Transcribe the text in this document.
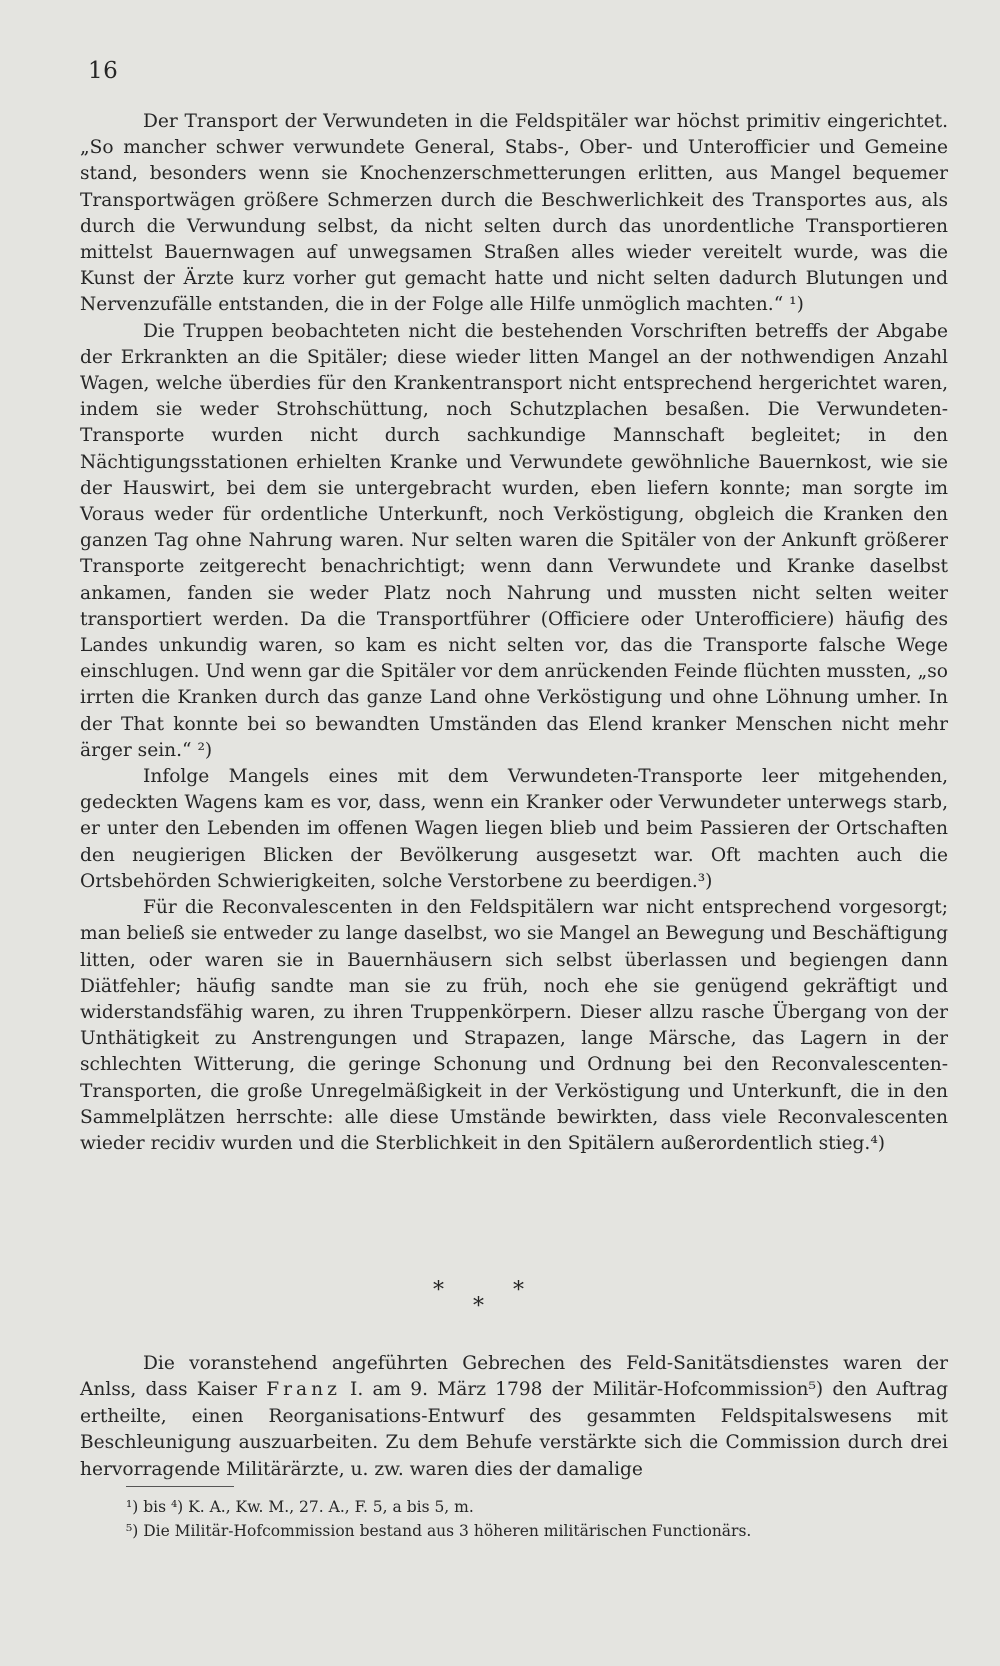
16

Der Transport der Verwundeten in die Feldspitäler war höchst primitiv eingerichtet. „So mancher schwer verwundete General, Stabs-, Ober- und Unterofficier und Gemeine stand, besonders wenn sie Knochenzerschmetterungen erlitten, aus Mangel bequemer Transportwägen größere Schmerzen durch die Beschwerlichkeit des Transportes aus, als durch die Verwundung selbst, da nicht selten durch das unordentliche Transportieren mittelst Bauernwagen auf unwegsamen Straßen alles wieder vereitelt wurde, was die Kunst der Ärzte kurz vorher gut gemacht hatte und nicht selten dadurch Blutungen und Nervenzufälle entstanden, die in der Folge alle Hilfe unmöglich machten.“ ¹)

Die Truppen beobachteten nicht die bestehenden Vorschriften betreffs der Abgabe der Erkrankten an die Spitäler; diese wieder litten Mangel an der nothwendigen Anzahl Wagen, welche überdies für den Krankentransport nicht entsprechend hergerichtet waren, indem sie weder Strohschüttung, noch Schutzplachen besaßen. Die Verwundeten-Transporte wurden nicht durch sachkundige Mannschaft begleitet; in den Nächtigungsstationen erhielten Kranke und Verwundete gewöhnliche Bauernkost, wie sie der Hauswirt, bei dem sie untergebracht wurden, eben liefern konnte; man sorgte im Voraus weder für ordentliche Unterkunft, noch Verköstigung, obgleich die Kranken den ganzen Tag ohne Nahrung waren. Nur selten waren die Spitäler von der Ankunft größerer Transporte zeitgerecht benachrichtigt; wenn dann Verwundete und Kranke daselbst ankamen, fanden sie weder Platz noch Nahrung und mussten nicht selten weiter transportiert werden. Da die Transportführer (Officiere oder Unterofficiere) häufig des Landes unkundig waren, so kam es nicht selten vor, das die Transporte falsche Wege einschlugen. Und wenn gar die Spitäler vor dem anrückenden Feinde flüchten mussten, „so irrten die Kranken durch das ganze Land ohne Verköstigung und ohne Löhnung umher. In der That konnte bei so bewandten Umständen das Elend kranker Menschen nicht mehr ärger sein.“ ²)

Infolge Mangels eines mit dem Verwundeten-Transporte leer mitgehenden, gedeckten Wagens kam es vor, dass, wenn ein Kranker oder Verwundeter unterwegs starb, er unter den Lebenden im offenen Wagen liegen blieb und beim Passieren der Ortschaften den neugierigen Blicken der Bevölkerung ausgesetzt war. Oft machten auch die Ortsbehörden Schwierigkeiten, solche Verstorbene zu beerdigen.³)

Für die Reconvalescenten in den Feldspitälern war nicht entsprechend vorgesorgt; man beließ sie entweder zu lange daselbst, wo sie Mangel an Bewegung und Beschäftigung litten, oder waren sie in Bauernhäusern sich selbst überlassen und begiengen dann Diätfehler; häufig sandte man sie zu früh, noch ehe sie genügend gekräftigt und widerstandsfähig waren, zu ihren Truppenkörpern. Dieser allzu rasche Übergang von der Unthätigkeit zu Anstrengungen und Strapazen, lange Märsche, das Lagern in der schlechten Witterung, die geringe Schonung und Ordnung bei den Reconvalescenten-Transporten, die große Unregelmäßigkeit in der Verköstigung und Unterkunft, die in den Sammelplätzen herrschte: alle diese Umstände bewirkten, dass viele Reconvalescenten wieder recidiv wurden und die Sterblichkeit in den Spitälern außerordentlich stieg.⁴)

*
*
*

Die voranstehend angeführten Gebrechen des Feld-Sanitätsdienstes waren der Anlss, dass Kaiser Franz I. am 9. März 1798 der Militär-Hofcommission⁵) den Auftrag ertheilte, einen Reorganisations-Entwurf des gesammten Feldspitalswesens mit Beschleunigung auszuarbeiten. Zu dem Behufe verstärkte sich die Commission durch drei hervorragende Militärärzte, u. zw. waren dies der damalige

¹) bis ⁴) K. A., Kw. M., 27. A., F. 5, a bis 5, m.

⁵) Die Militär-Hofcommission bestand aus 3 höheren militärischen Functionärs.
